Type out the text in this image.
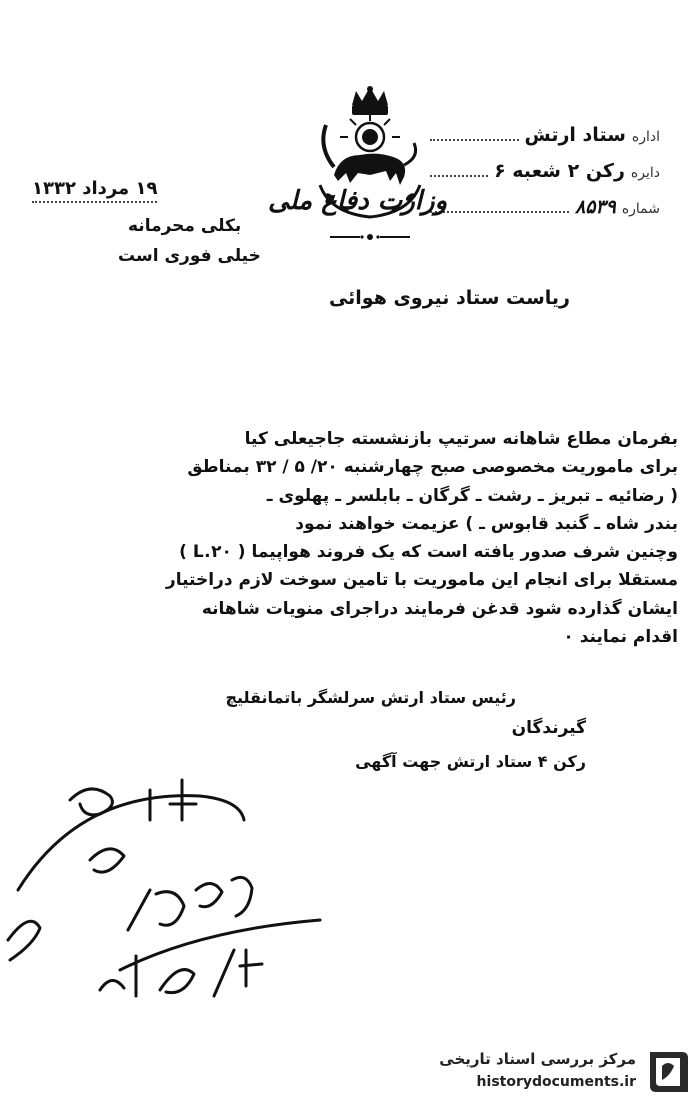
اداره
ستاد ارتش
دایره
رکن ۲ شعبه ۶
شماره
۸۵۳۹
وزارت دفاع ملی
۱۹ مرداد ۱۳۳۲
بکلی محرمانه
خیلی فوری است
ریاست ستاد نیروی هوائی
بفرمان مطاع شاهانه سرتیپ بازنشسته جاجیعلی کیا
برای ماموریت مخصوصی صبح چهارشنبه ۲۰/ ۵ / ۳۲ بمناطق
( رضائیه ـ تبریز ـ رشت ـ گرگان ـ بابلسر ـ پهلوی ـ
بندر شاه ـ گنبد قابوس ـ ) عزیمت خواهند نمود
وچنین شرف صدور یافته است که یک فروند هواپیما ( L.۲۰ )
مستقلا برای انجام این ماموریت با تامین سوخت لازم دراختیار
ایشان گذارده شود قدغن فرمایند دراجرای منویات شاهانه
اقدام نمایند ٠
رئیس ستاد ارتش سرلشگر باتمانقلیچ
گیرندگان
رکن ۴ ستاد ارتش جهت آگهی
مرکز بررسی اسناد تاریخی
historydocuments.ir
